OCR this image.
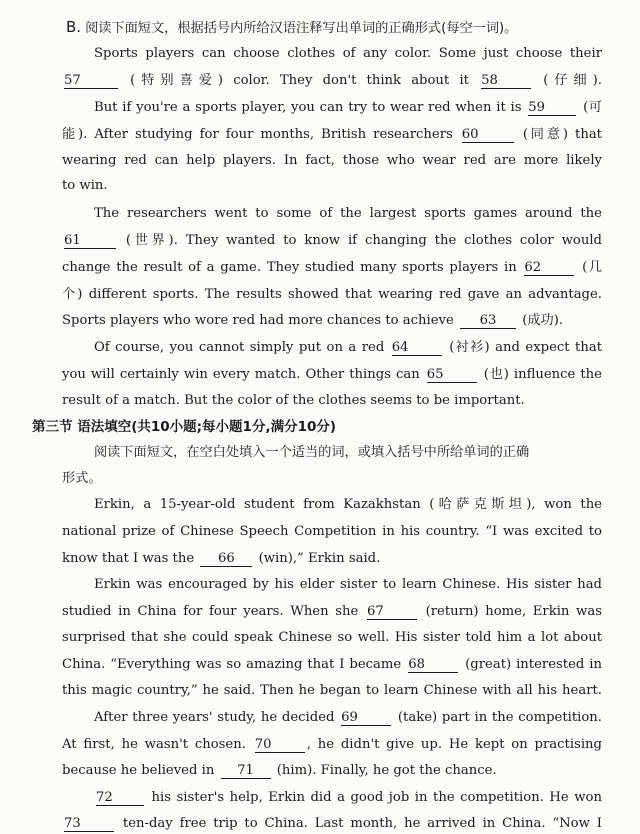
B. 阅读下面短文，根据括号内所给汉语注释写出单词的正确形式(每空一词)。
Sports players can choose clothes of any color. Some just choose their
57	(特别喜爱) color. They don't think about it 58	(仔细).
But if you're a sports player, you can try to wear red when it is 59	(可
能). After studying for four months, British researchers 60	(同意) that
wearing red can help players. In fact, those who wear red are more likely
to win.
The researchers went to some of the largest sports games around the
61	(世界). They wanted to know if changing the clothes color would
change the result of a game. They studied many sports players in 62	(几
个) different sports. The results showed that wearing red gave an advantage.
Sports players who wore red had more chances to achieve 63 (成功).
Of course, you cannot simply put on a red 64	(衬衫) and expect that
you will certainly win every match. Other things can 65	(也) influence the
result of a match. But the color of the clothes seems to be important.
第三节 语法填空(共10小题;每小题1分,满分10分)
阅读下面短文，在空白处填入一个适当的词，或填入括号中所给单词的正确
形式。
Erkin, a 15-year-old student from Kazakhstan (哈萨克斯坦), won the
national prize of Chinese Speech Competition in his country. “I was excited to
know that I was the 66 (win),” Erkin said.
Erkin was encouraged by his elder sister to learn Chinese. His sister had
studied in China for four years. When she 67	(return) home, Erkin was
surprised that she could speak Chinese so well. His sister told him a lot about
China. “Everything was so amazing that I became 68	(great) interested in
this magic country,” he said. Then he began to learn Chinese with all his heart.
After three years' study, he decided 69	(take) part in the competition.
At first, he wasn't chosen. 70	, he didn't give up. He kept on practising
because he believed in 71 (him). Finally, he got the chance.
72	his sister's help, Erkin did a good job in the competition. He won
73	ten-day free trip to China. Last month, he arrived in China. “Now I
